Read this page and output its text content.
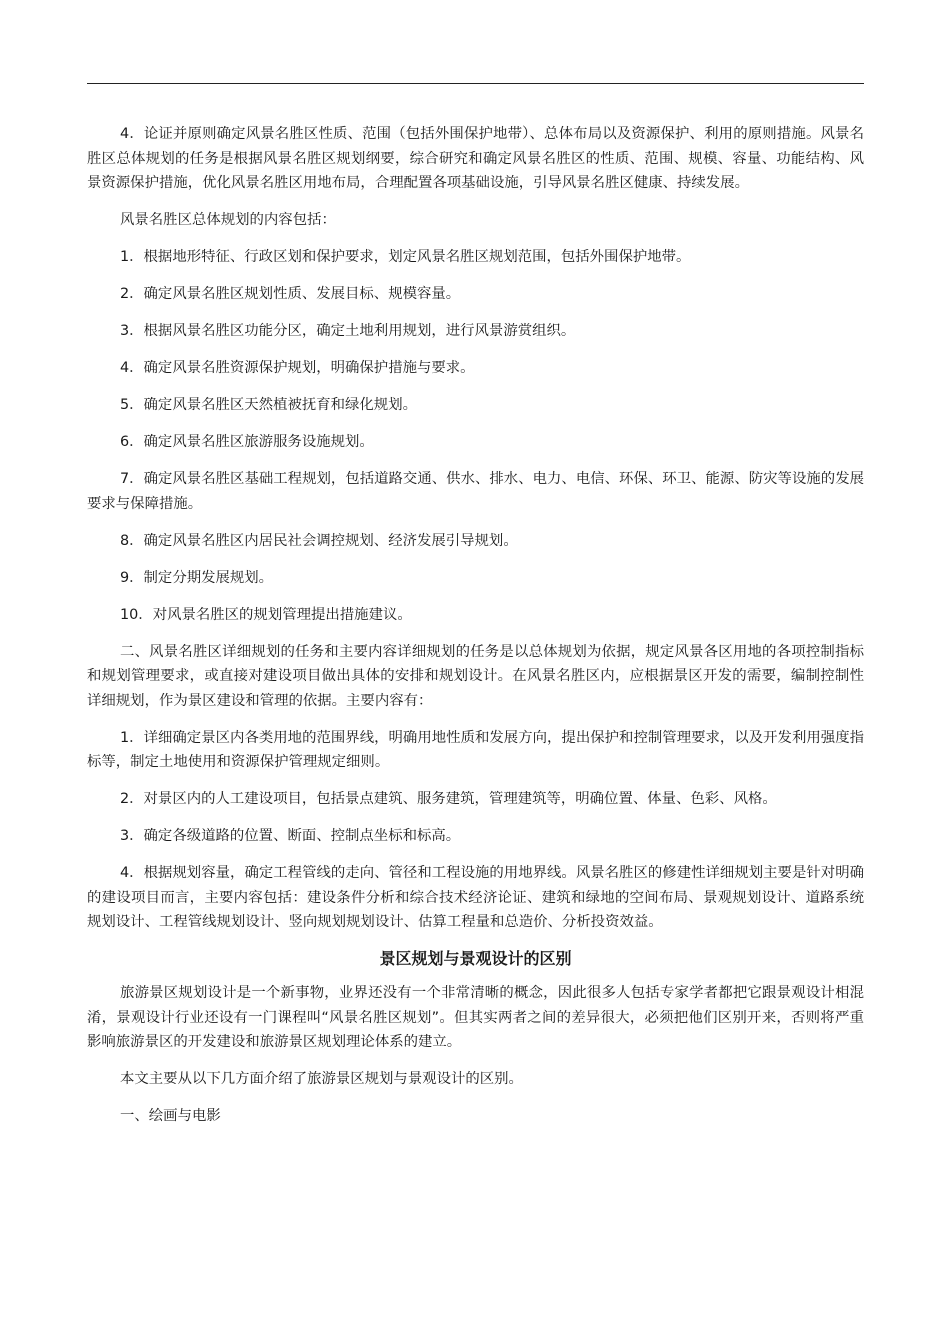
4．论证并原则确定风景名胜区性质、范围（包括外围保护地带）、总体布局以及资源保护、利用的原则措施。风景名胜区总体规划的任务是根据风景名胜区规划纲要，综合研究和确定风景名胜区的性质、范围、规模、容量、功能结构、风景资源保护措施，优化风景名胜区用地布局，合理配置各项基础设施，引导风景名胜区健康、持续发展。

风景名胜区总体规划的内容包括：

1．根据地形特征、行政区划和保护要求，划定风景名胜区规划范围，包括外围保护地带。

2．确定风景名胜区规划性质、发展目标、规模容量。

3．根据风景名胜区功能分区，确定土地利用规划，进行风景游赏组织。

4．确定风景名胜资源保护规划，明确保护措施与要求。

5．确定风景名胜区天然植被抚育和绿化规划。

6．确定风景名胜区旅游服务设施规划。

7．确定风景名胜区基础工程规划，包括道路交通、供水、排水、电力、电信、环保、环卫、能源、防灾等设施的发展要求与保障措施。

8．确定风景名胜区内居民社会调控规划、经济发展引导规划。

9．制定分期发展规划。

10．对风景名胜区的规划管理提出措施建议。

二、风景名胜区详细规划的任务和主要内容详细规划的任务是以总体规划为依据，规定风景各区用地的各项控制指标和规划管理要求，或直接对建设项目做出具体的安排和规划设计。在风景名胜区内，应根据景区开发的需要，编制控制性详细规划，作为景区建设和管理的依据。主要内容有：

1．详细确定景区内各类用地的范围界线，明确用地性质和发展方向，提出保护和控制管理要求，以及开发利用强度指标等，制定土地使用和资源保护管理规定细则。

2．对景区内的人工建设项目，包括景点建筑、服务建筑，管理建筑等，明确位置、体量、色彩、风格。

3．确定各级道路的位置、断面、控制点坐标和标高。

4．根据规划容量，确定工程管线的走向、管径和工程设施的用地界线。风景名胜区的修建性详细规划主要是针对明确的建设项目而言，主要内容包括：建设条件分析和综合技术经济论证、建筑和绿地的空间布局、景观规划设计、道路系统规划设计、工程管线规划设计、竖向规划规划设计、估算工程量和总造价、分析投资效益。

景区规划与景观设计的区别

旅游景区规划设计是一个新事物，业界还没有一个非常清晰的概念，因此很多人包括专家学者都把它跟景观设计相混淆，景观设计行业还设有一门课程叫“风景名胜区规划”。但其实两者之间的差异很大，必须把他们区别开来，否则将严重影响旅游景区的开发建设和旅游景区规划理论体系的建立。

本文主要从以下几方面介绍了旅游景区规划与景观设计的区别。

一、绘画与电影
